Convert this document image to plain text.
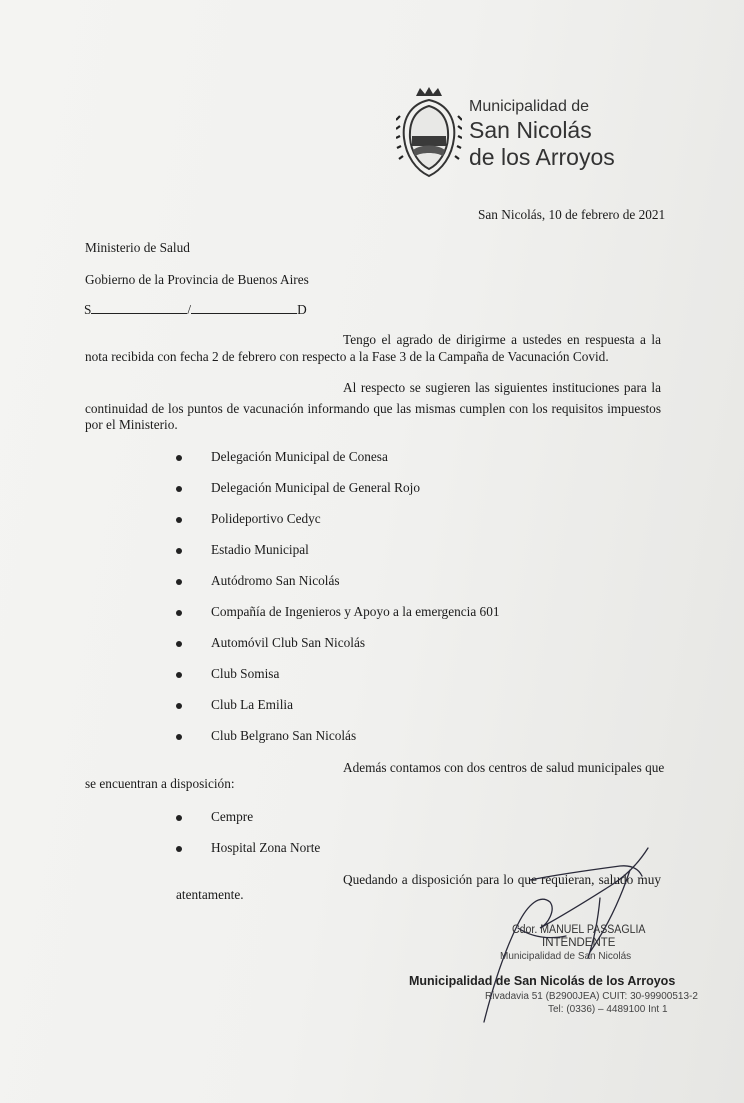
Municipalidad de
San Nicolás
de los Arroyos
San Nicolás, 10 de febrero de 2021
Ministerio de Salud
Gobierno de la Provincia de Buenos Aires
S	/	D
Tengo el agrado de dirigirme a ustedes en respuesta a la
nota recibida con fecha 2 de febrero con respecto a la Fase 3 de la Campaña de Vacunación Covid.
Al respecto se sugieren las siguientes instituciones para la
continuidad de los puntos de vacunación informando que las mismas cumplen con los requisitos impuestos
por el Ministerio.
Delegación Municipal de Conesa
Delegación Municipal de General Rojo
Polideportivo Cedyc
Estadio Municipal
Autódromo San Nicolás
Compañía de Ingenieros y Apoyo a la emergencia 601
Automóvil Club San Nicolás
Club Somisa
Club La Emilia
Club Belgrano San Nicolás
Además contamos con dos centros de salud municipales que
se encuentran a disposición:
Cempre
Hospital Zona Norte
Quedando a disposición para lo que requieran, saludo muy
atentamente.
Cdor. MANUEL PASSAGLIA
INTENDENTE
Municipalidad de San Nicolás
Municipalidad de San Nicolás de los Arroyos
Rivadavia 51 (B2900JEA) CUIT: 30-99900513-2
Tel: (0336) – 4489100 Int 1
